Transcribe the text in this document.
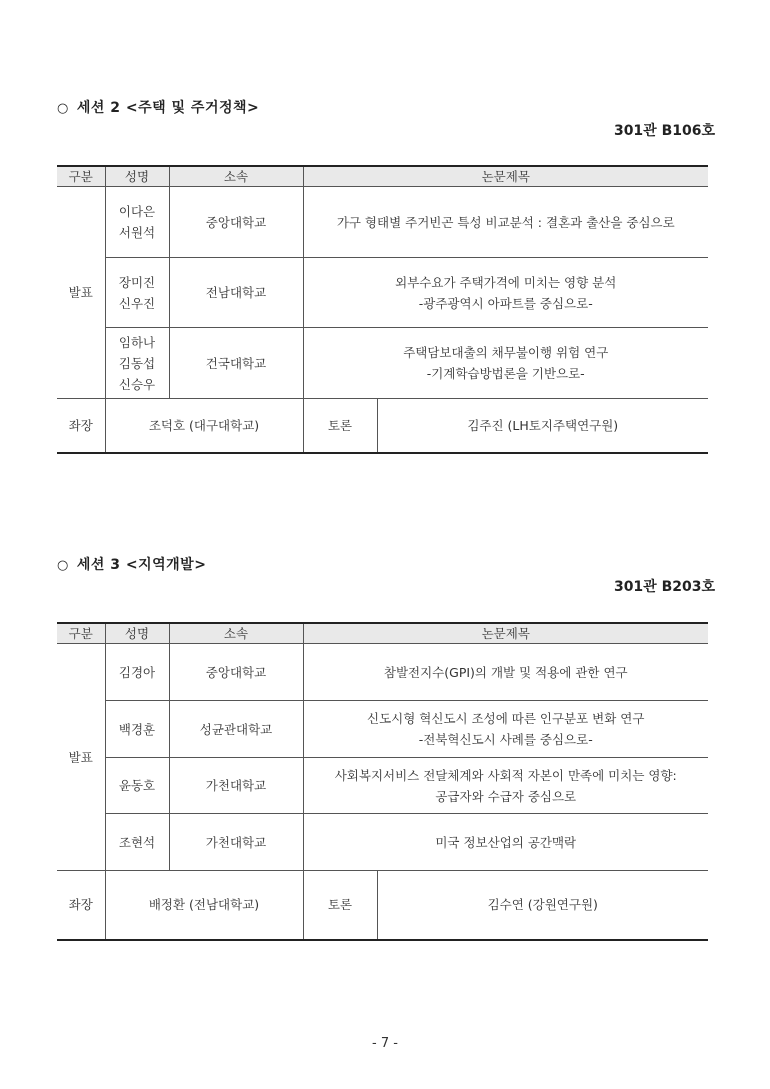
○ 세션 2 <주택 및 주거정책>
301관 B106호
구분	성명	소속	논문제목	
발표	이다은
서원석	중앙대학교	가구 형태별 주거빈곤 특성 비교분석 : 결혼과 출산을 중심으로	

	장미진
신우진	전남대학교	외부수요가 주택가격에 미치는 영향 분석
-광주광역시 아파트를 중심으로-	

	임하나
김동섭
신승우	건국대학교	주택담보대출의 채무불이행 위험 연구
-기계학습방법론을 기반으로-	

좌장	조덕호 (대구대학교)		토론	김주진 (LH토지주택연구원)
○ 세션 3 <지역개발>
301관 B203호
구분	성명	소속	논문제목	
발표	김경아	중앙대학교	참발전지수(GPI)의 개발 및 적용에 관한 연구	

	백경훈	성균관대학교	신도시형 혁신도시 조성에 따른 인구분포 변화 연구
-전북혁신도시 사례를 중심으로-	

	윤동호	가천대학교	사회복지서비스 전달체계와 사회적 자본이 만족에 미치는 영향:
공급자와 수급자 중심으로	

	조현석	가천대학교	미국 정보산업의 공간맥락	

좌장	배정환 (전남대학교)		토론	김수연 (강원연구원)
- 7 -
